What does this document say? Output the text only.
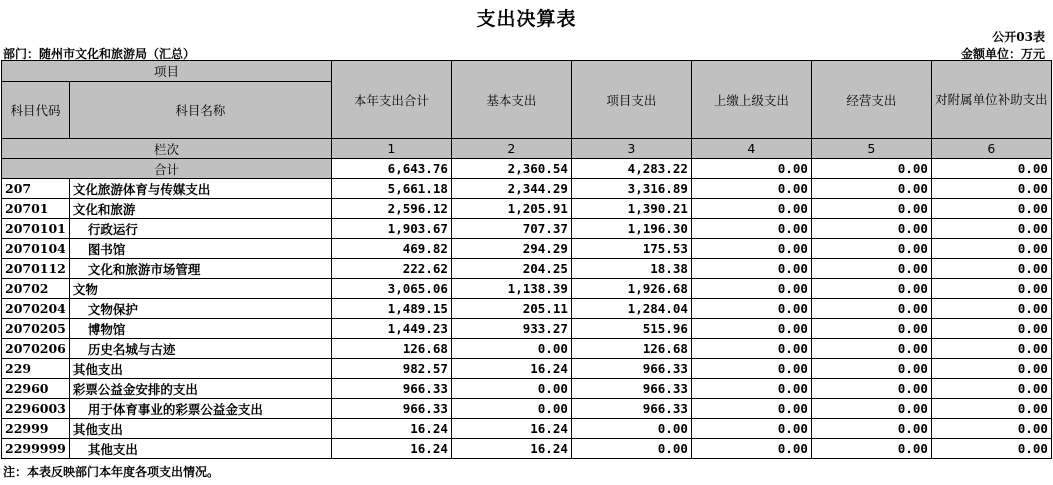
支出决算表
公开03表
部门：随州市文化和旅游局（汇总）	金额单位：万元
项目		本年支出合计	基本支出	项目支出	上缴上级支出	经营支出	对附属单位补助支出
科目代码	科目名称						
栏次		1	2	3	4	5	6
合计		6,643.76	2,360.54	4,283.22	0.00	0.00	0.00
207	文化旅游体育与传媒支出	5,661.18	2,344.29	3,316.89	0.00	0.00	0.00
20701	文化和旅游	2,596.12	1,205.91	1,390.21	0.00	0.00	0.00
2070101	行政运行	1,903.67	707.37	1,196.30	0.00	0.00	0.00
2070104	图书馆	469.82	294.29	175.53	0.00	0.00	0.00
2070112	文化和旅游市场管理	222.62	204.25	18.38	0.00	0.00	0.00
20702	文物	3,065.06	1,138.39	1,926.68	0.00	0.00	0.00
2070204	文物保护	1,489.15	205.11	1,284.04	0.00	0.00	0.00
2070205	博物馆	1,449.23	933.27	515.96	0.00	0.00	0.00
2070206	历史名城与古迹	126.68	0.00	126.68	0.00	0.00	0.00
229	其他支出	982.57	16.24	966.33	0.00	0.00	0.00
22960	彩票公益金安排的支出	966.33	0.00	966.33	0.00	0.00	0.00
2296003	用于体育事业的彩票公益金支出	966.33	0.00	966.33	0.00	0.00	0.00
22999	其他支出	16.24	16.24	0.00	0.00	0.00	0.00
2299999	其他支出	16.24	16.24	0.00	0.00	0.00	0.00
注：本表反映部门本年度各项支出情况。
